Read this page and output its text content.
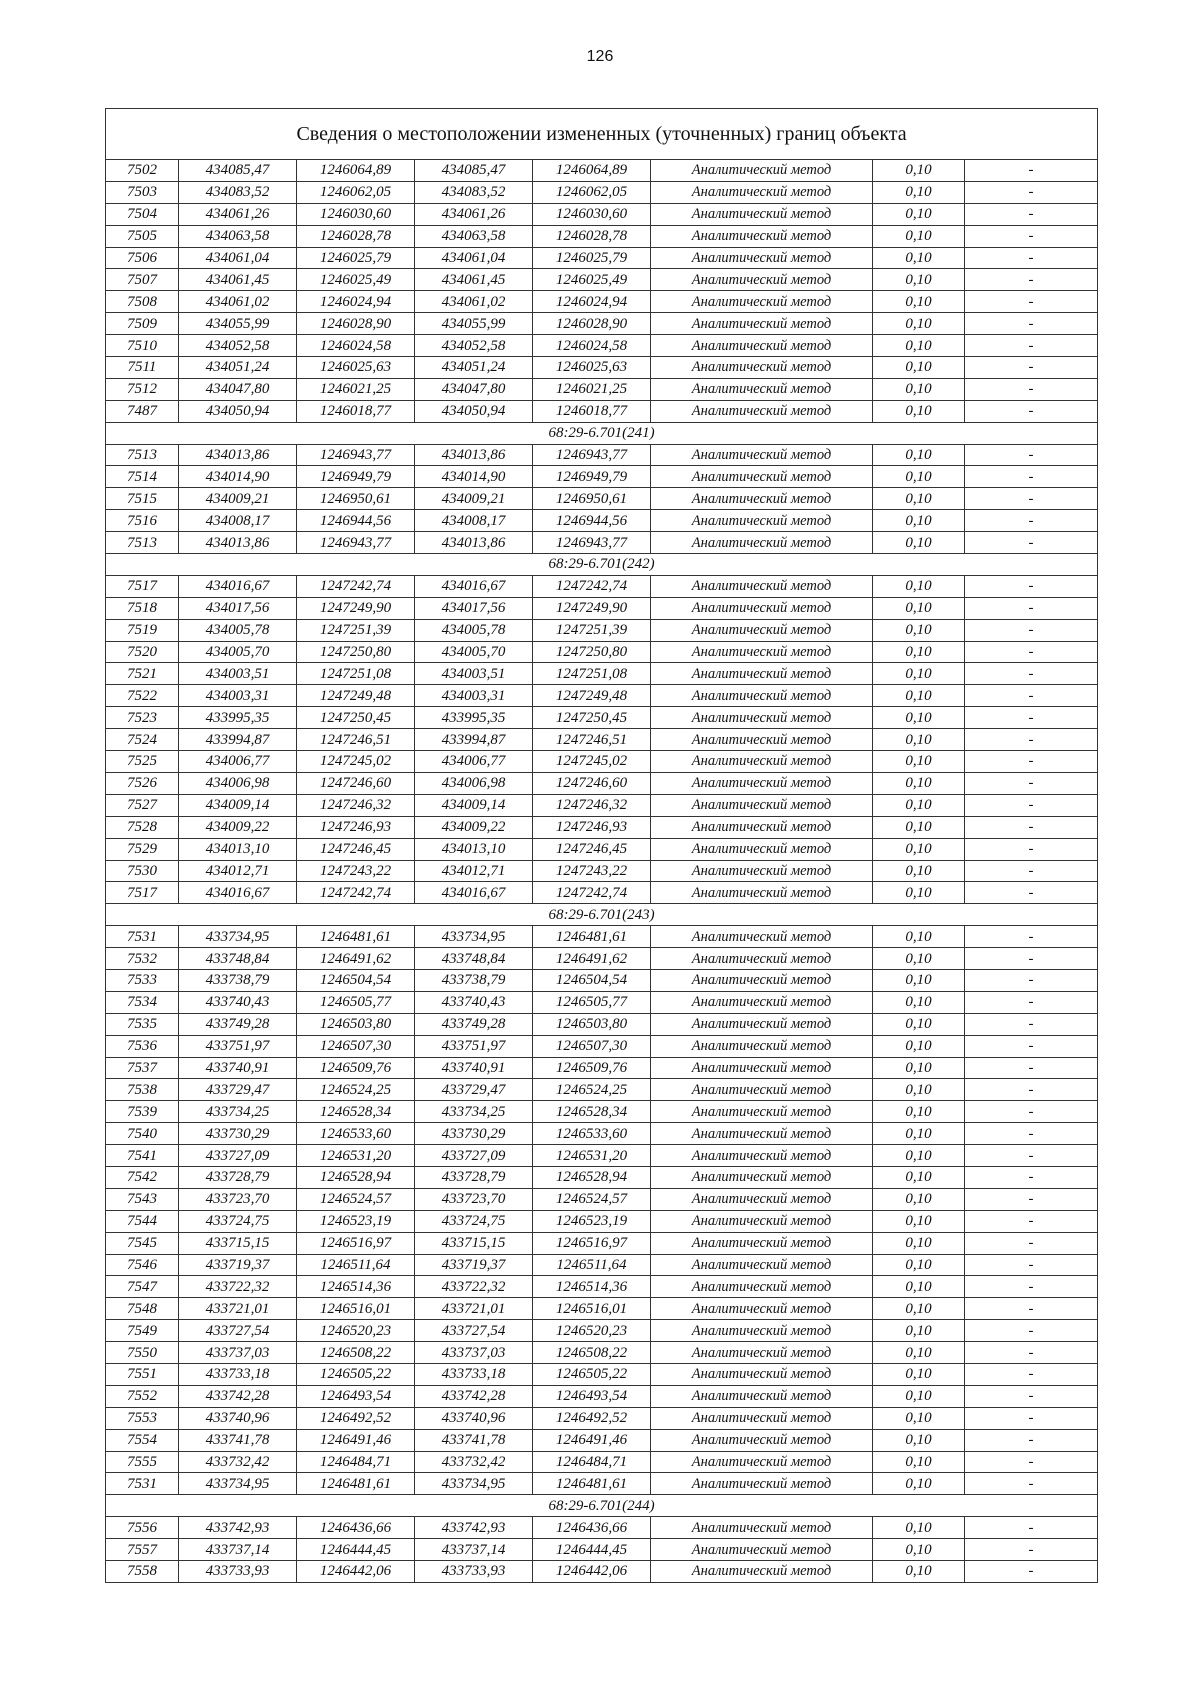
126
Сведения о местоположении измененных (уточненных) границ объекта							
7502	434085,47	1246064,89	434085,47	1246064,89	Аналитический метод	0,10	-
7503	434083,52	1246062,05	434083,52	1246062,05	Аналитический метод	0,10	-
7504	434061,26	1246030,60	434061,26	1246030,60	Аналитический метод	0,10	-
7505	434063,58	1246028,78	434063,58	1246028,78	Аналитический метод	0,10	-
7506	434061,04	1246025,79	434061,04	1246025,79	Аналитический метод	0,10	-
7507	434061,45	1246025,49	434061,45	1246025,49	Аналитический метод	0,10	-
7508	434061,02	1246024,94	434061,02	1246024,94	Аналитический метод	0,10	-
7509	434055,99	1246028,90	434055,99	1246028,90	Аналитический метод	0,10	-
7510	434052,58	1246024,58	434052,58	1246024,58	Аналитический метод	0,10	-
7511	434051,24	1246025,63	434051,24	1246025,63	Аналитический метод	0,10	-
7512	434047,80	1246021,25	434047,80	1246021,25	Аналитический метод	0,10	-
7487	434050,94	1246018,77	434050,94	1246018,77	Аналитический метод	0,10	-
68:29-6.701(241)							
7513	434013,86	1246943,77	434013,86	1246943,77	Аналитический метод	0,10	-
7514	434014,90	1246949,79	434014,90	1246949,79	Аналитический метод	0,10	-
7515	434009,21	1246950,61	434009,21	1246950,61	Аналитический метод	0,10	-
7516	434008,17	1246944,56	434008,17	1246944,56	Аналитический метод	0,10	-
7513	434013,86	1246943,77	434013,86	1246943,77	Аналитический метод	0,10	-
68:29-6.701(242)							
7517	434016,67	1247242,74	434016,67	1247242,74	Аналитический метод	0,10	-
7518	434017,56	1247249,90	434017,56	1247249,90	Аналитический метод	0,10	-
7519	434005,78	1247251,39	434005,78	1247251,39	Аналитический метод	0,10	-
7520	434005,70	1247250,80	434005,70	1247250,80	Аналитический метод	0,10	-
7521	434003,51	1247251,08	434003,51	1247251,08	Аналитический метод	0,10	-
7522	434003,31	1247249,48	434003,31	1247249,48	Аналитический метод	0,10	-
7523	433995,35	1247250,45	433995,35	1247250,45	Аналитический метод	0,10	-
7524	433994,87	1247246,51	433994,87	1247246,51	Аналитический метод	0,10	-
7525	434006,77	1247245,02	434006,77	1247245,02	Аналитический метод	0,10	-
7526	434006,98	1247246,60	434006,98	1247246,60	Аналитический метод	0,10	-
7527	434009,14	1247246,32	434009,14	1247246,32	Аналитический метод	0,10	-
7528	434009,22	1247246,93	434009,22	1247246,93	Аналитический метод	0,10	-
7529	434013,10	1247246,45	434013,10	1247246,45	Аналитический метод	0,10	-
7530	434012,71	1247243,22	434012,71	1247243,22	Аналитический метод	0,10	-
7517	434016,67	1247242,74	434016,67	1247242,74	Аналитический метод	0,10	-
68:29-6.701(243)							
7531	433734,95	1246481,61	433734,95	1246481,61	Аналитический метод	0,10	-
7532	433748,84	1246491,62	433748,84	1246491,62	Аналитический метод	0,10	-
7533	433738,79	1246504,54	433738,79	1246504,54	Аналитический метод	0,10	-
7534	433740,43	1246505,77	433740,43	1246505,77	Аналитический метод	0,10	-
7535	433749,28	1246503,80	433749,28	1246503,80	Аналитический метод	0,10	-
7536	433751,97	1246507,30	433751,97	1246507,30	Аналитический метод	0,10	-
7537	433740,91	1246509,76	433740,91	1246509,76	Аналитический метод	0,10	-
7538	433729,47	1246524,25	433729,47	1246524,25	Аналитический метод	0,10	-
7539	433734,25	1246528,34	433734,25	1246528,34	Аналитический метод	0,10	-
7540	433730,29	1246533,60	433730,29	1246533,60	Аналитический метод	0,10	-
7541	433727,09	1246531,20	433727,09	1246531,20	Аналитический метод	0,10	-
7542	433728,79	1246528,94	433728,79	1246528,94	Аналитический метод	0,10	-
7543	433723,70	1246524,57	433723,70	1246524,57	Аналитический метод	0,10	-
7544	433724,75	1246523,19	433724,75	1246523,19	Аналитический метод	0,10	-
7545	433715,15	1246516,97	433715,15	1246516,97	Аналитический метод	0,10	-
7546	433719,37	1246511,64	433719,37	1246511,64	Аналитический метод	0,10	-
7547	433722,32	1246514,36	433722,32	1246514,36	Аналитический метод	0,10	-
7548	433721,01	1246516,01	433721,01	1246516,01	Аналитический метод	0,10	-
7549	433727,54	1246520,23	433727,54	1246520,23	Аналитический метод	0,10	-
7550	433737,03	1246508,22	433737,03	1246508,22	Аналитический метод	0,10	-
7551	433733,18	1246505,22	433733,18	1246505,22	Аналитический метод	0,10	-
7552	433742,28	1246493,54	433742,28	1246493,54	Аналитический метод	0,10	-
7553	433740,96	1246492,52	433740,96	1246492,52	Аналитический метод	0,10	-
7554	433741,78	1246491,46	433741,78	1246491,46	Аналитический метод	0,10	-
7555	433732,42	1246484,71	433732,42	1246484,71	Аналитический метод	0,10	-
7531	433734,95	1246481,61	433734,95	1246481,61	Аналитический метод	0,10	-
68:29-6.701(244)							
7556	433742,93	1246436,66	433742,93	1246436,66	Аналитический метод	0,10	-
7557	433737,14	1246444,45	433737,14	1246444,45	Аналитический метод	0,10	-
7558	433733,93	1246442,06	433733,93	1246442,06	Аналитический метод	0,10	-
